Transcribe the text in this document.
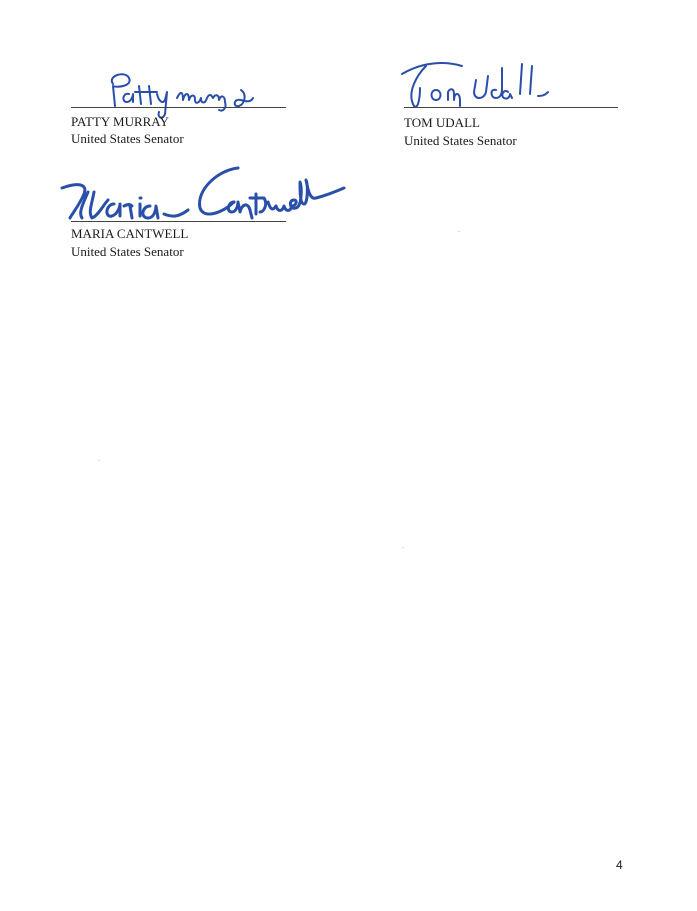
PATTY MURRAY
United States Senator
TOM UDALL
United States Senator
MARIA CANTWELL
United States Senator
4
